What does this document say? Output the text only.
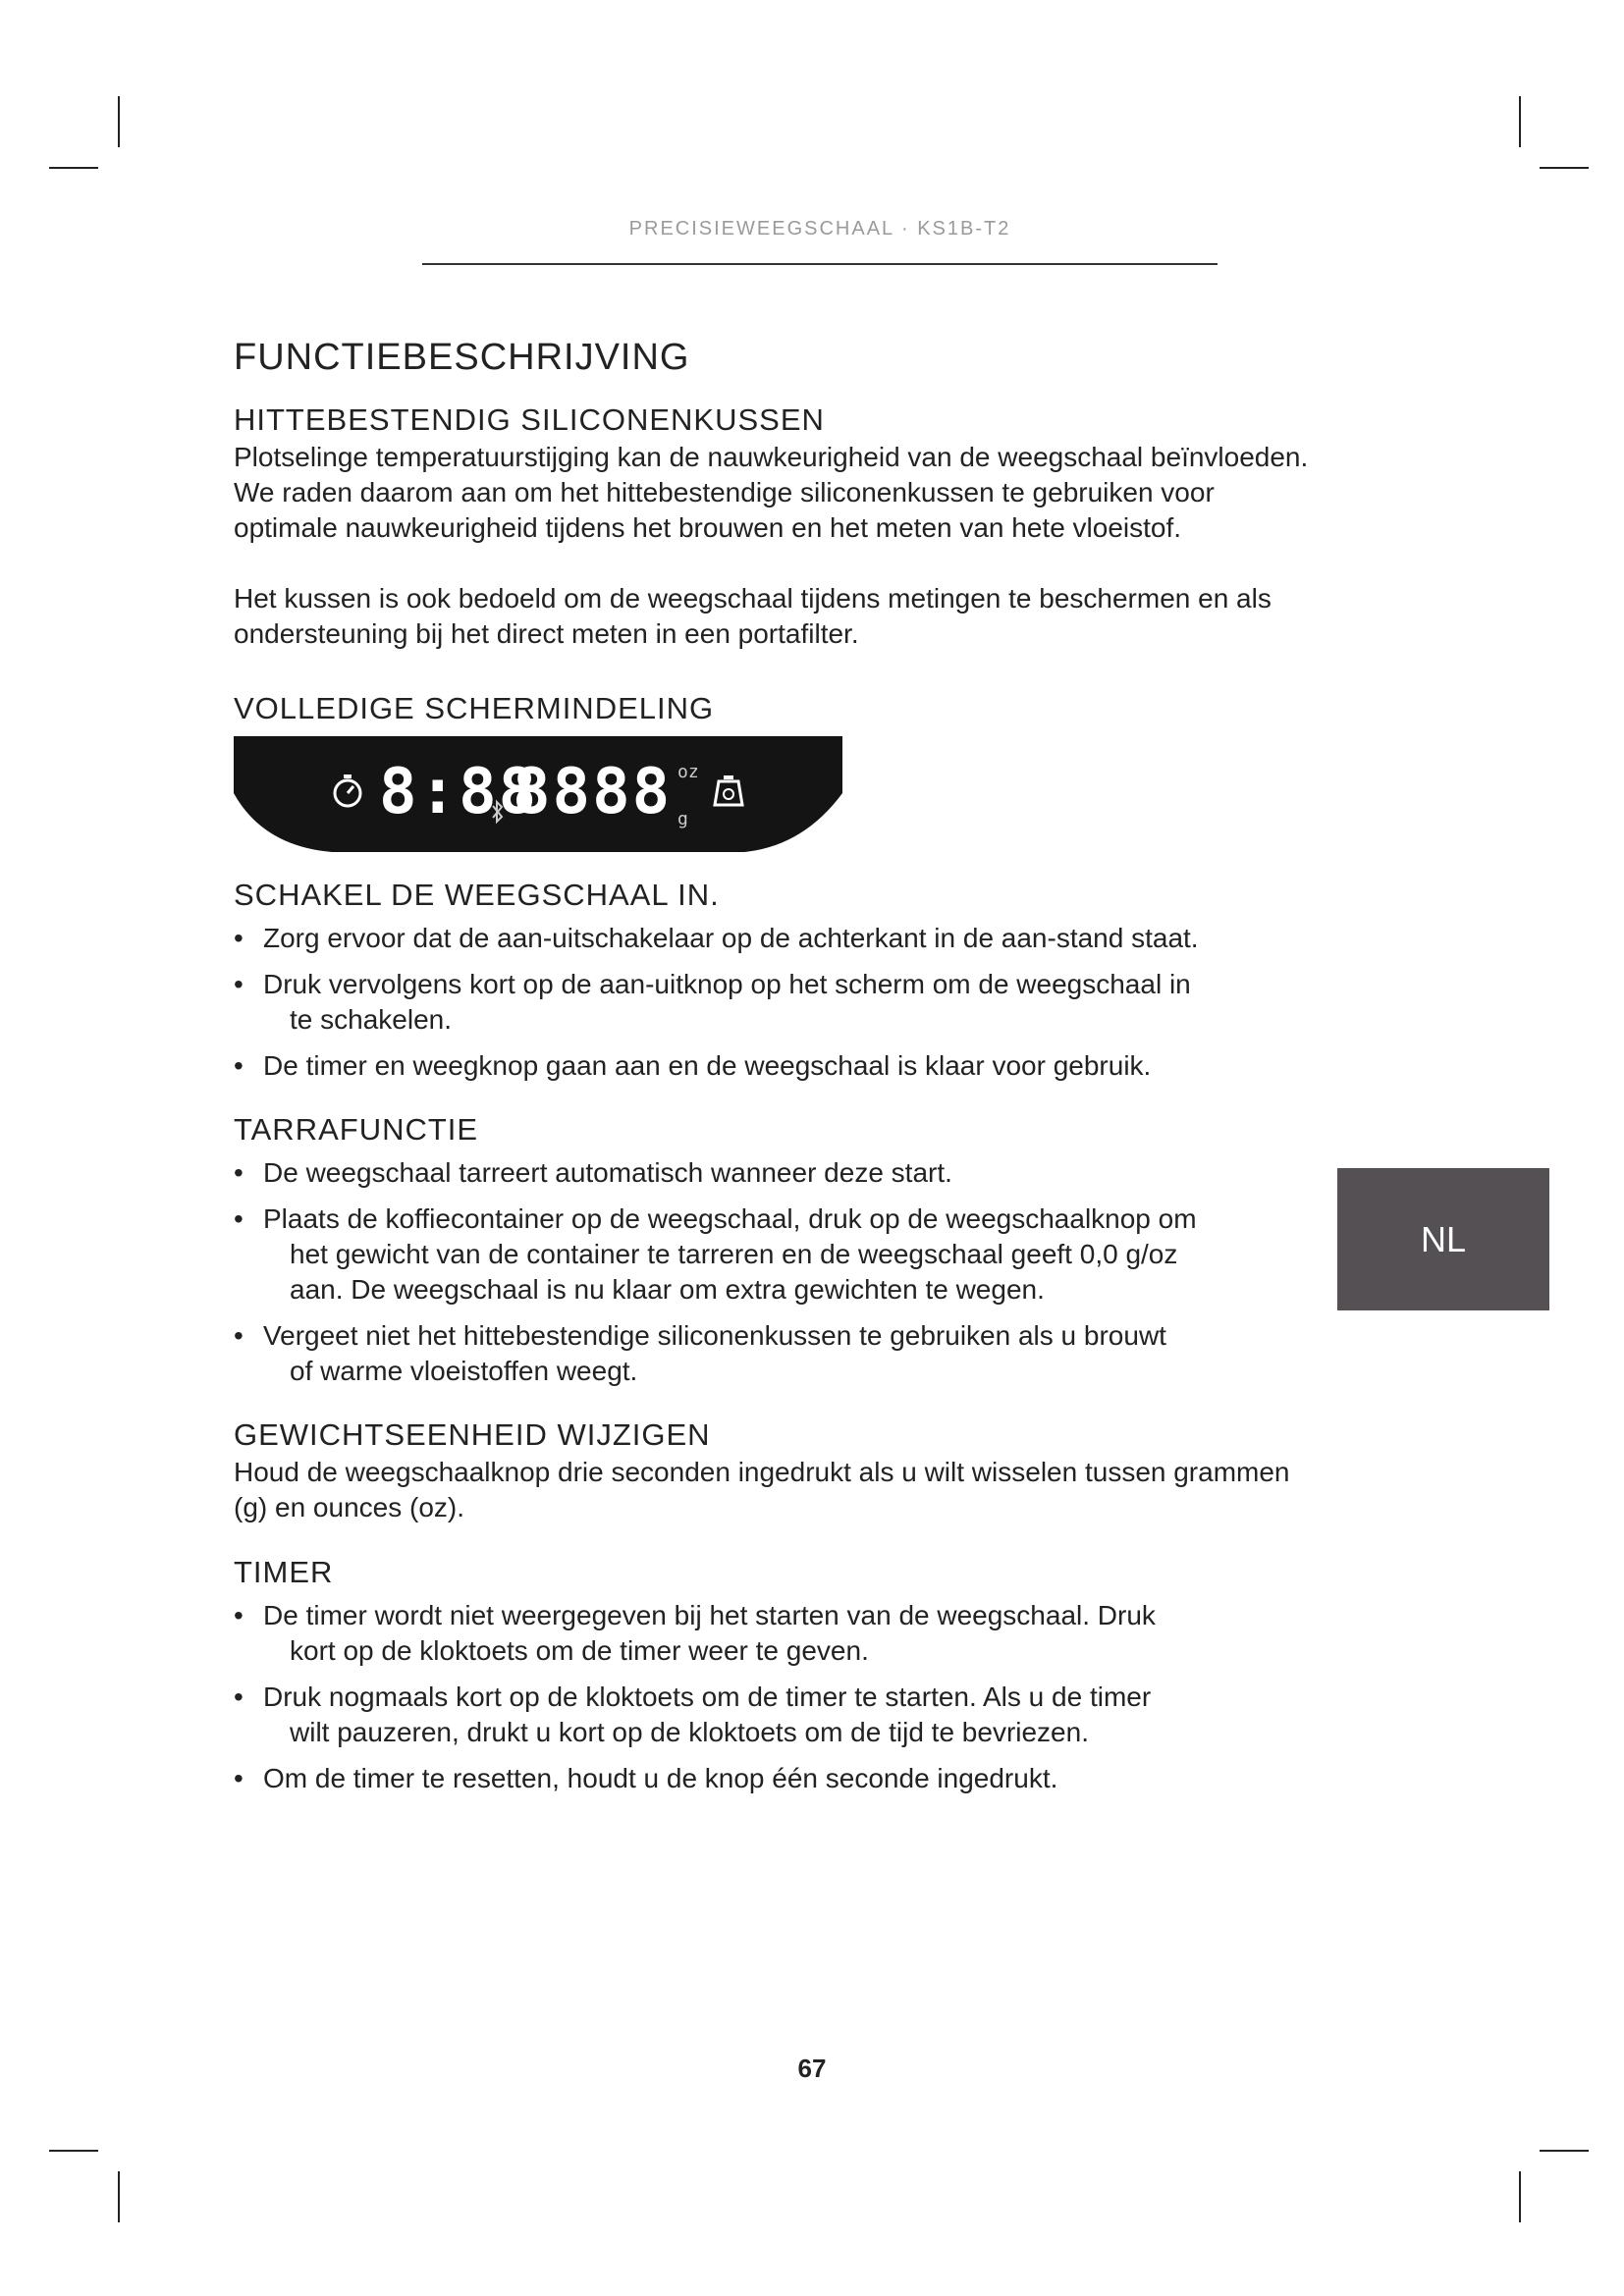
PRECISIEWEEGSCHAAL · KS1B-T2
FUNCTIEBESCHRIJVING
HITTEBESTENDIG SILICONENKUSSEN

Plotselinge temperatuurstijging kan de nauwkeurigheid van de weegschaal beïnvloeden. We raden daarom aan om het hittebestendige siliconenkussen te gebruiken voor optimale nauwkeurigheid tijdens het brouwen en het meten van hete vloeistof.

Het kussen is ook bedoeld om de weegschaal tijdens metingen te beschermen en als ondersteuning bij het direct meten in een portafilter.

VOLLEDIGE SCHERMINDELING
8:88
8888 oz
g
SCHAKEL DE WEEGSCHAAL IN.
• Zorg ervoor dat de aan-uitschakelaar op de achterkant in de aan-stand staat.
• Druk vervolgens kort op de aan-uitknop op het scherm om de weegschaal in
te schakelen.
• De timer en weegknop gaan aan en de weegschaal is klaar voor gebruik.
TARRAFUNCTIE
• De weegschaal tarreert automatisch wanneer deze start.
• Plaats de koffiecontainer op de weegschaal, druk op de weegschaalknop om
het gewicht van de container te tarreren en de weegschaal geeft 0,0 g/oz
aan. De weegschaal is nu klaar om extra gewichten te wegen.
• Vergeet niet het hittebestendige siliconenkussen te gebruiken als u brouwt
of warme vloeistoffen weegt.
GEWICHTSEENHEID WIJZIGEN

Houd de weegschaalknop drie seconden ingedrukt als u wilt wisselen tussen grammen (g) en ounces (oz).

TIMER
• De timer wordt niet weergegeven bij het starten van de weegschaal. Druk
kort op de kloktoets om de timer weer te geven.
• Druk nogmaals kort op de kloktoets om de timer te starten. Als u de timer
wilt pauzeren, drukt u kort op de kloktoets om de tijd te bevriezen.
• Om de timer te resetten, houdt u de knop één seconde ingedrukt.
NL
67
